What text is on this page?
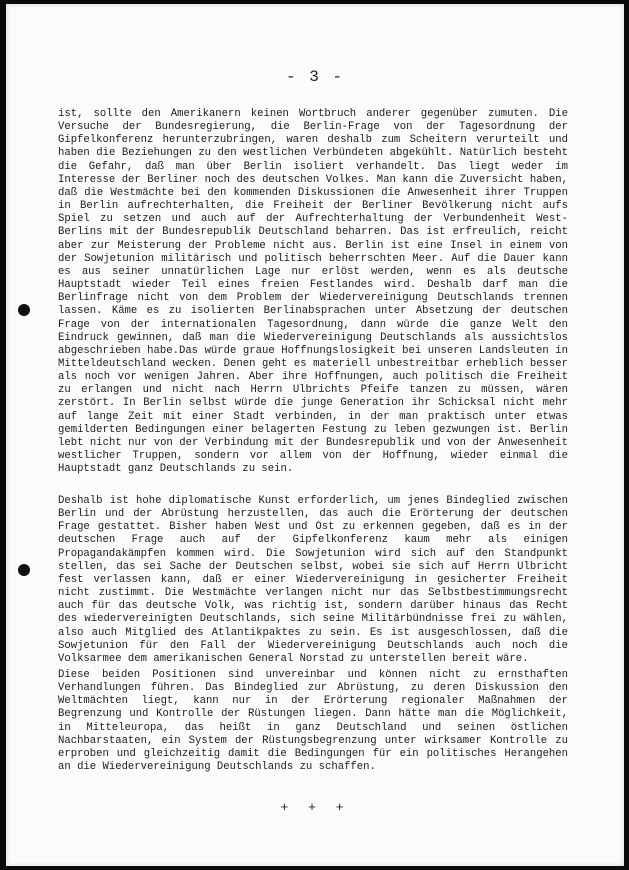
- 3 -
ist, sollte den Amerikanern keinen Wortbruch anderer gegenüber zumuten. Die Versuche der Bundesregierung, die Berlin-Frage von der Tagesordnung der Gipfelkonferenz herunterzubringen, waren deshalb zum Scheitern verurteilt und haben die Beziehungen zu den westlichen Verbündeten abgekühlt. Natürlich besteht die Gefahr, daß man über Berlin isoliert verhandelt. Das liegt weder im Interesse der Berliner noch des deutschen Volkes. Man kann die Zuversicht haben, daß die Westmächte bei den kommenden Diskussionen die Anwesenheit ihrer Truppen in Berlin aufrechterhalten, die Freiheit der Berliner Bevölkerung nicht aufs Spiel zu setzen und auch auf der Aufrechterhaltung der Verbundenheit West-Berlins mit der Bundesrepublik Deutschland beharren. Das ist erfreulich, reicht aber zur Meisterung der Probleme nicht aus. Berlin ist eine Insel in einem von der Sowjetunion militärisch und politisch beherrschten Meer. Auf die Dauer kann es aus seiner unnatürlichen Lage nur erlöst werden, wenn es als deutsche Hauptstadt wieder Teil eines freien Festlandes wird. Deshalb darf man die Berlinfrage nicht von dem Problem der Wiedervereinigung Deutschlands trennen lassen. Käme es zu isolierten Berlinabsprachen unter Absetzung der deutschen Frage von der internationalen Tagesordnung, dann würde die ganze Welt den Eindruck gewinnen, daß man die Wiedervereinigung Deutschlands als aussichtslos abgeschrieben habe.Das würde graue Hoffnungslosigkeit bei unseren Landsleuten in Mitteldeutschland wecken. Denen geht es materiell unbestreitbar erheblich besser als noch vor wenigen Jahren. Aber ihre Hoffnungen, auch politisch die Freiheit zu erlangen und nicht nach Herrn Ulbrichts Pfeife tanzen zu müssen, wären zerstört. In Berlin selbst würde die junge Generation ihr Schicksal nicht mehr auf lange Zeit mit einer Stadt verbinden, in der man praktisch unter etwas gemilderten Bedingungen einer belagerten Festung zu leben gezwungen ist. Berlin lebt nicht nur von der Verbindung mit der Bundesrepublik und von der Anwesenheit westlicher Truppen, sondern vor allem von der Hoffnung, wieder einmal die Hauptstadt ganz Deutschlands zu sein.
Deshalb ist hohe diplomatische Kunst erforderlich, um jenes Bindeglied zwischen Berlin und der Abrüstung herzustellen, das auch die Erörterung der deutschen Frage gestattet. Bisher haben West und Ost zu erkennen gegeben, daß es in der deutschen Frage auch auf der Gipfelkonferenz kaum mehr als einigen Propagandakämpfen kommen wird. Die Sowjetunion wird sich auf den Standpunkt stellen, das sei Sache der Deutschen selbst, wobei sie sich auf Herrn Ulbricht fest verlassen kann, daß er einer Wiedervereinigung in gesicherter Freiheit nicht zustimmt. Die Westmächte verlangen nicht nur das Selbstbestimmungsrecht auch für das deutsche Volk, was richtig ist, sondern darüber hinaus das Recht des wiedervereinigten Deutschlands, sich seine Militärbündnisse frei zu wählen, also auch Mitglied des Atlantikpaktes zu sein. Es ist ausgeschlossen, daß die Sowjetunion für den Fall der Wiedervereinigung Deutschlands auch noch die Volksarmee dem amerikanischen General Norstad zu unterstellen bereit wäre.
Diese beiden Positionen sind unvereinbar und können nicht zu ernsthaften Verhandlungen führen. Das Bindeglied zur Abrüstung, zu deren Diskussion den Weltmächten liegt, kann nur in der Erörterung regionaler Maßnahmen der Begrenzung und Kontrolle der Rüstungen liegen. Dann hätte man die Möglichkeit, in Mitteleuropa, das heißt in ganz Deutschland und seinen östlichen Nachbarstaaten, ein System der Rüstungsbegrenzung unter wirksamer Kontrolle zu erproben und gleichzeitig damit die Bedingungen für ein politisches Herangehen an die Wiedervereinigung Deutschlands zu schaffen.
+ + +
